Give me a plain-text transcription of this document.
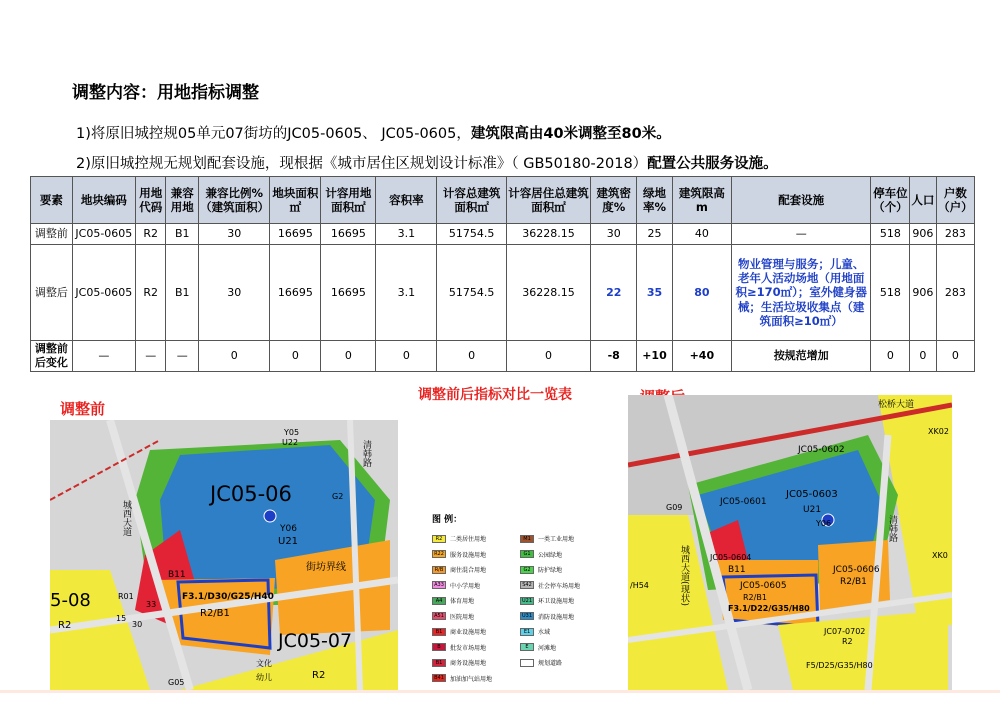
调整内容：用地指标调整
1)将原旧城控规05单元07街坊的JC05-0605、 JC05-0605，建筑限高由40米调整至80米。
2)原旧城控规无规划配套设施，现根据《城市居住区规划设计标准》（ GB50180-2018）配置公共服务设施。
要素	地块编码	用地代码	兼容用地	兼容比例%（建筑面积）	地块面积㎡	计容用地面积㎡	容积率	计容总建筑面积㎡	计容居住总建筑面积㎡	建筑密度%	绿地率%	建筑限高m	配套设施	停车位（个）	人口	户数（户）
调整前	JC05-0605	R2	B1	30	16695	16695	3.1	51754.5	36228.15	30	25	40	—	518	906	283
调整后	JC05-0605	R2	B1	30	16695	16695	3.1	51754.5	36228.15	22	35	80	物业管理与服务；儿童、老年人活动场地（用地面积≥170㎡）；室外健身器械；生活垃圾收集点（建筑面积≥10㎡）	518	906	283
调整前后变化	—	—	—	0	0	0	0	0	0	-8	+10	+40	按规范增加	0	0	0
调整前
调整前后指标对比一览表
JC05-06
JC05-07
5-08	F3.1/D30/G25/H40
R2/B1
U21
Y06
B11
R2
R2
清韩路
城西大道
街坊界线
Y05
U22
G2
R01
33
15
30
G05
文化
幼儿
图 例：
R2	二类居住用地
R22	服务设施用地
R/B	商住混合用地
A33	中小学用地
A4	体育用地
A51	医院用地
B1	商业设施用地
B	批发市场用地
B1	商务设施用地
B41	加油加气站用地
M1	一类工业用地
G1	公园绿地
G2	防护绿地
S42	社会停车场用地
U21 环卫设施用地
U31 消防设施用地
E1	水域
E	河滩地
规划道路
JC05-0602
JC05-0601
JC05-0603
U21
Y06
JC05-0604
B11
JC05-0605
R2/B1
F3.1/D22/G35/H80
JC05-0606
R2/B1
JC07-0702
R2
F5/D25/G35/H80
清韩路
城西大道(现状)
松桥大道
G09
XK02
XK0
/H54
